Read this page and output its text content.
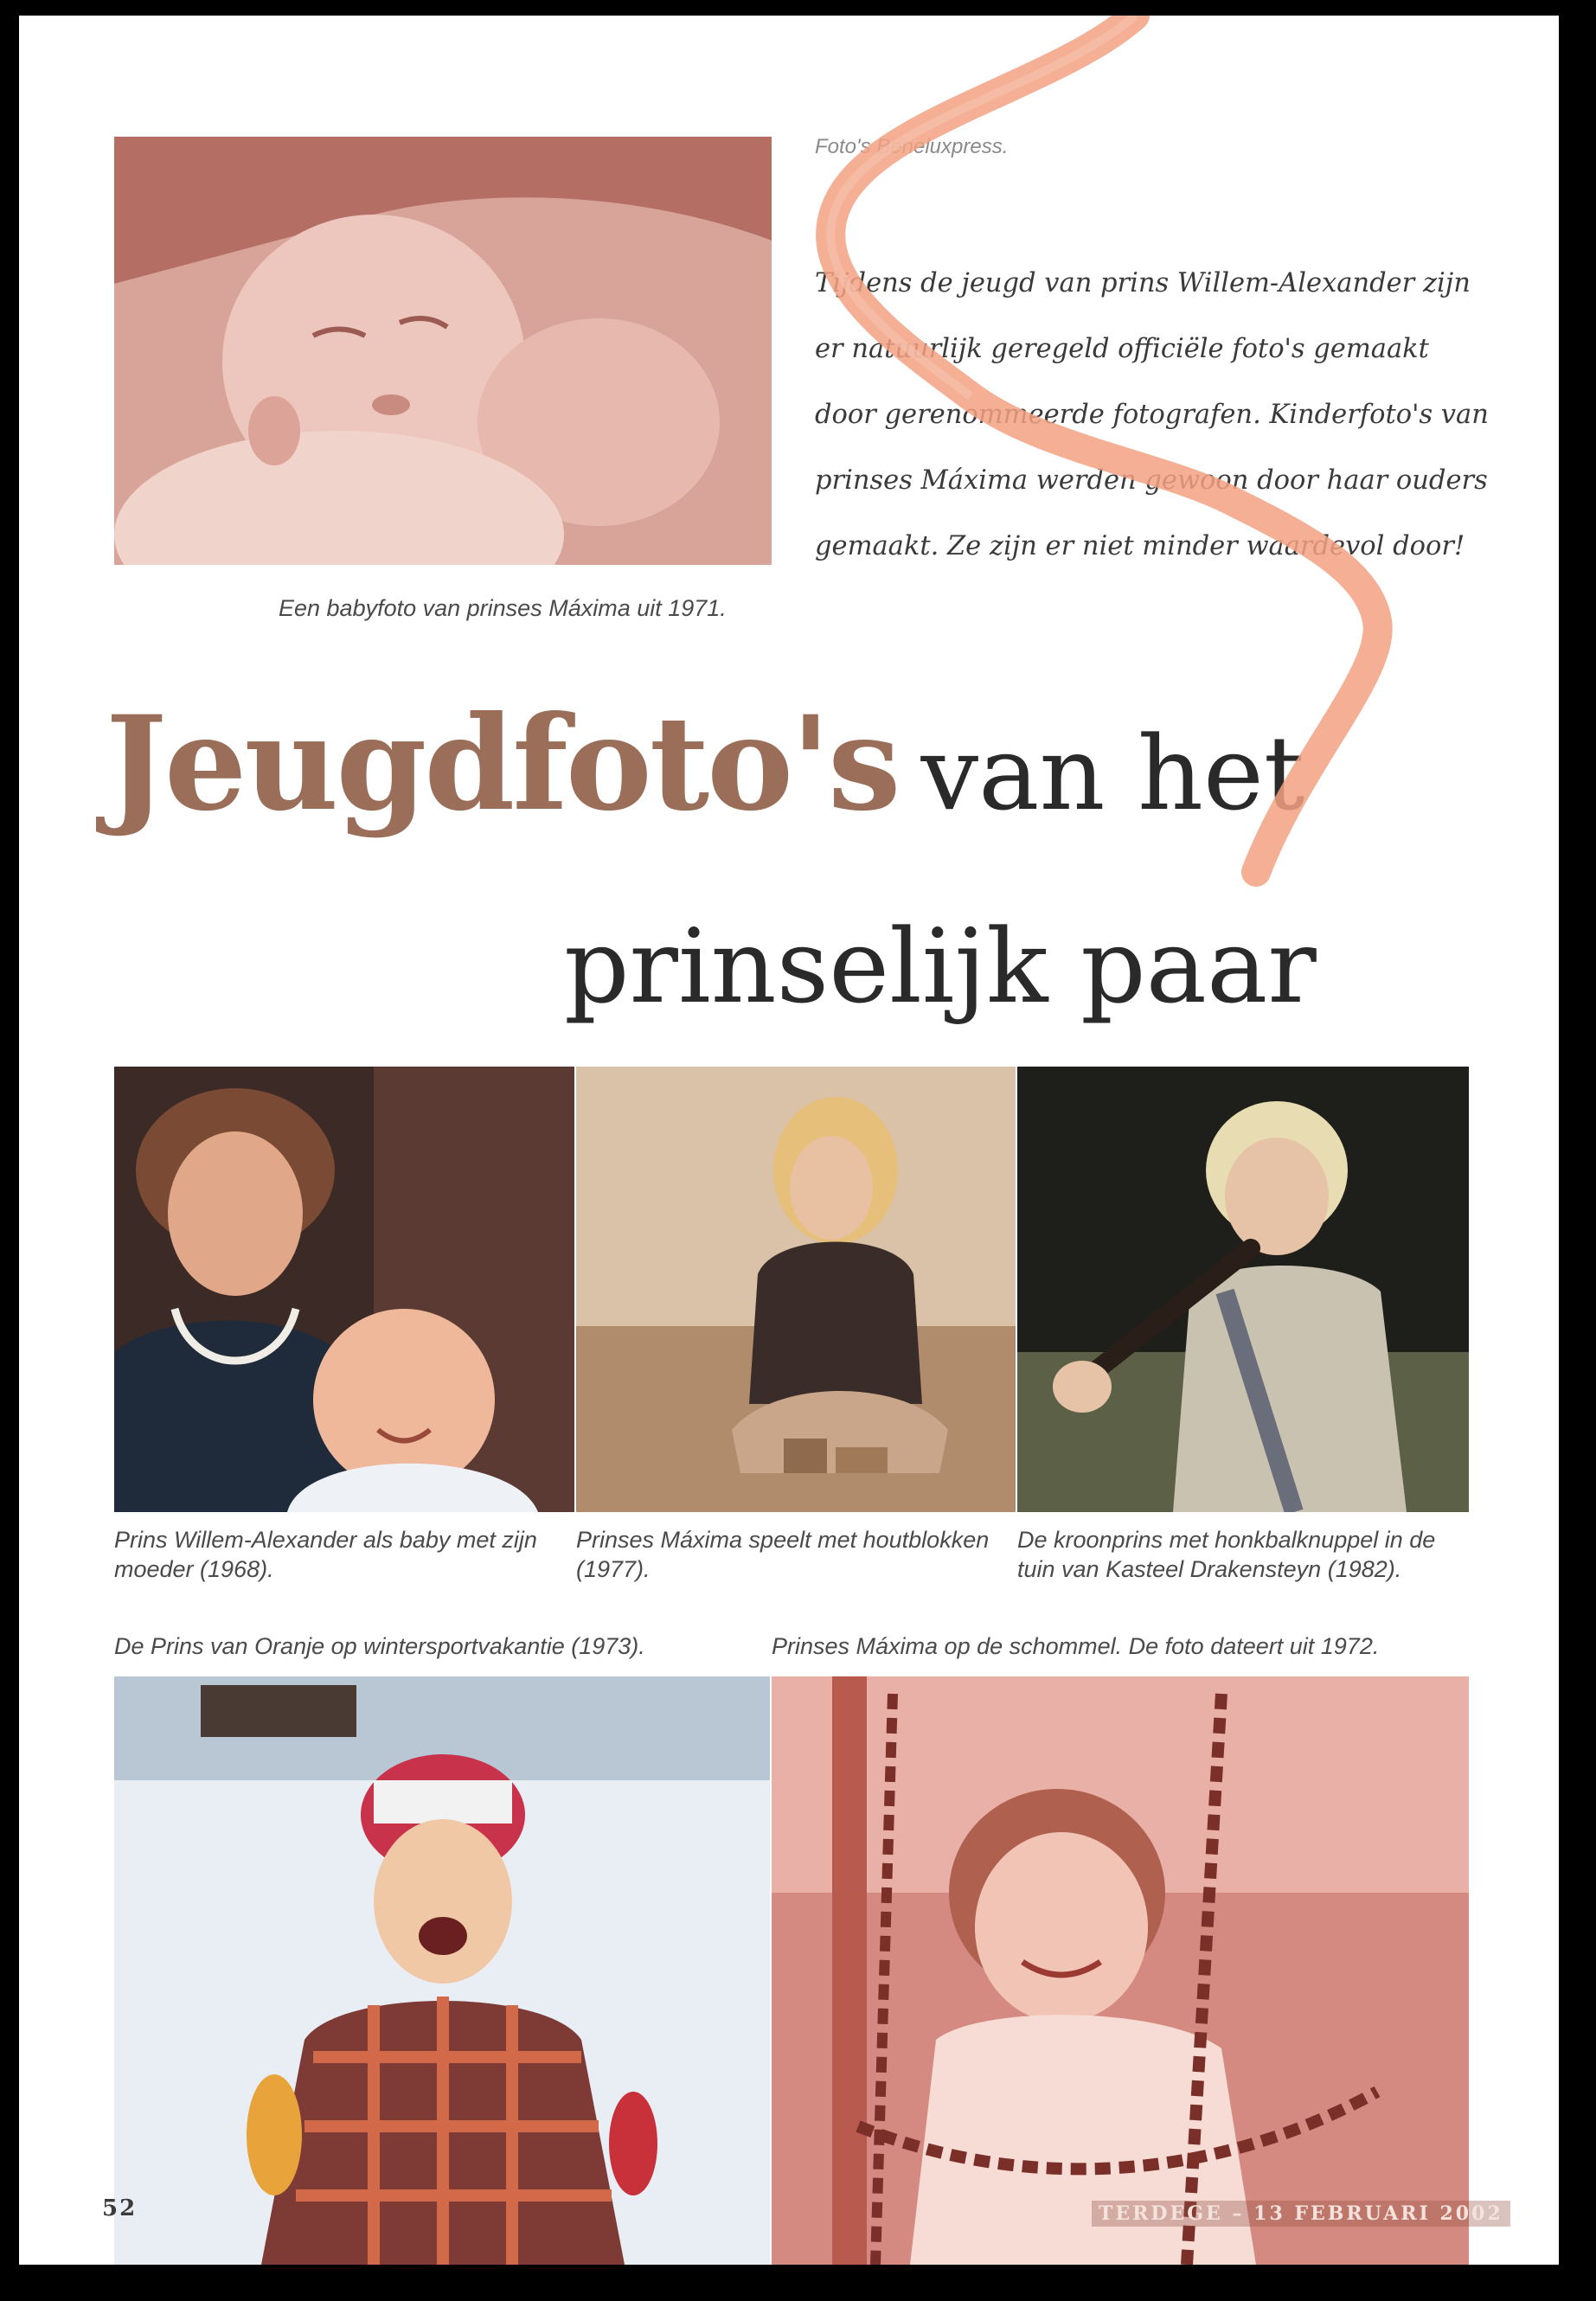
Een babyfoto van prinses Máxima uit 1971.

Foto's Beneluxpress.

Tijdens de jeugd van prins Willem-Alexander zijn er natuurlijk geregeld officiële foto's gemaakt door gerenommeerde fotografen. Kinderfoto's van prinses Máxima werden gewoon door haar ouders gemaakt. Ze zijn er niet minder waardevol door!

Jeugdfoto's van het
prinselijk paar

Prins Willem-Alexander als baby met zijn moeder (1968).

Prinses Máxima speelt met houtblokken (1977).

De kroonprins met honkbalknuppel in de tuin van Kasteel Drakensteyn (1982).

De Prins van Oranje op wintersportvakantie (1973).	Prinses Máxima op de schommel. De foto dateert uit 1972.

52	TERDEGE – 13 FEBRUARI 2002
